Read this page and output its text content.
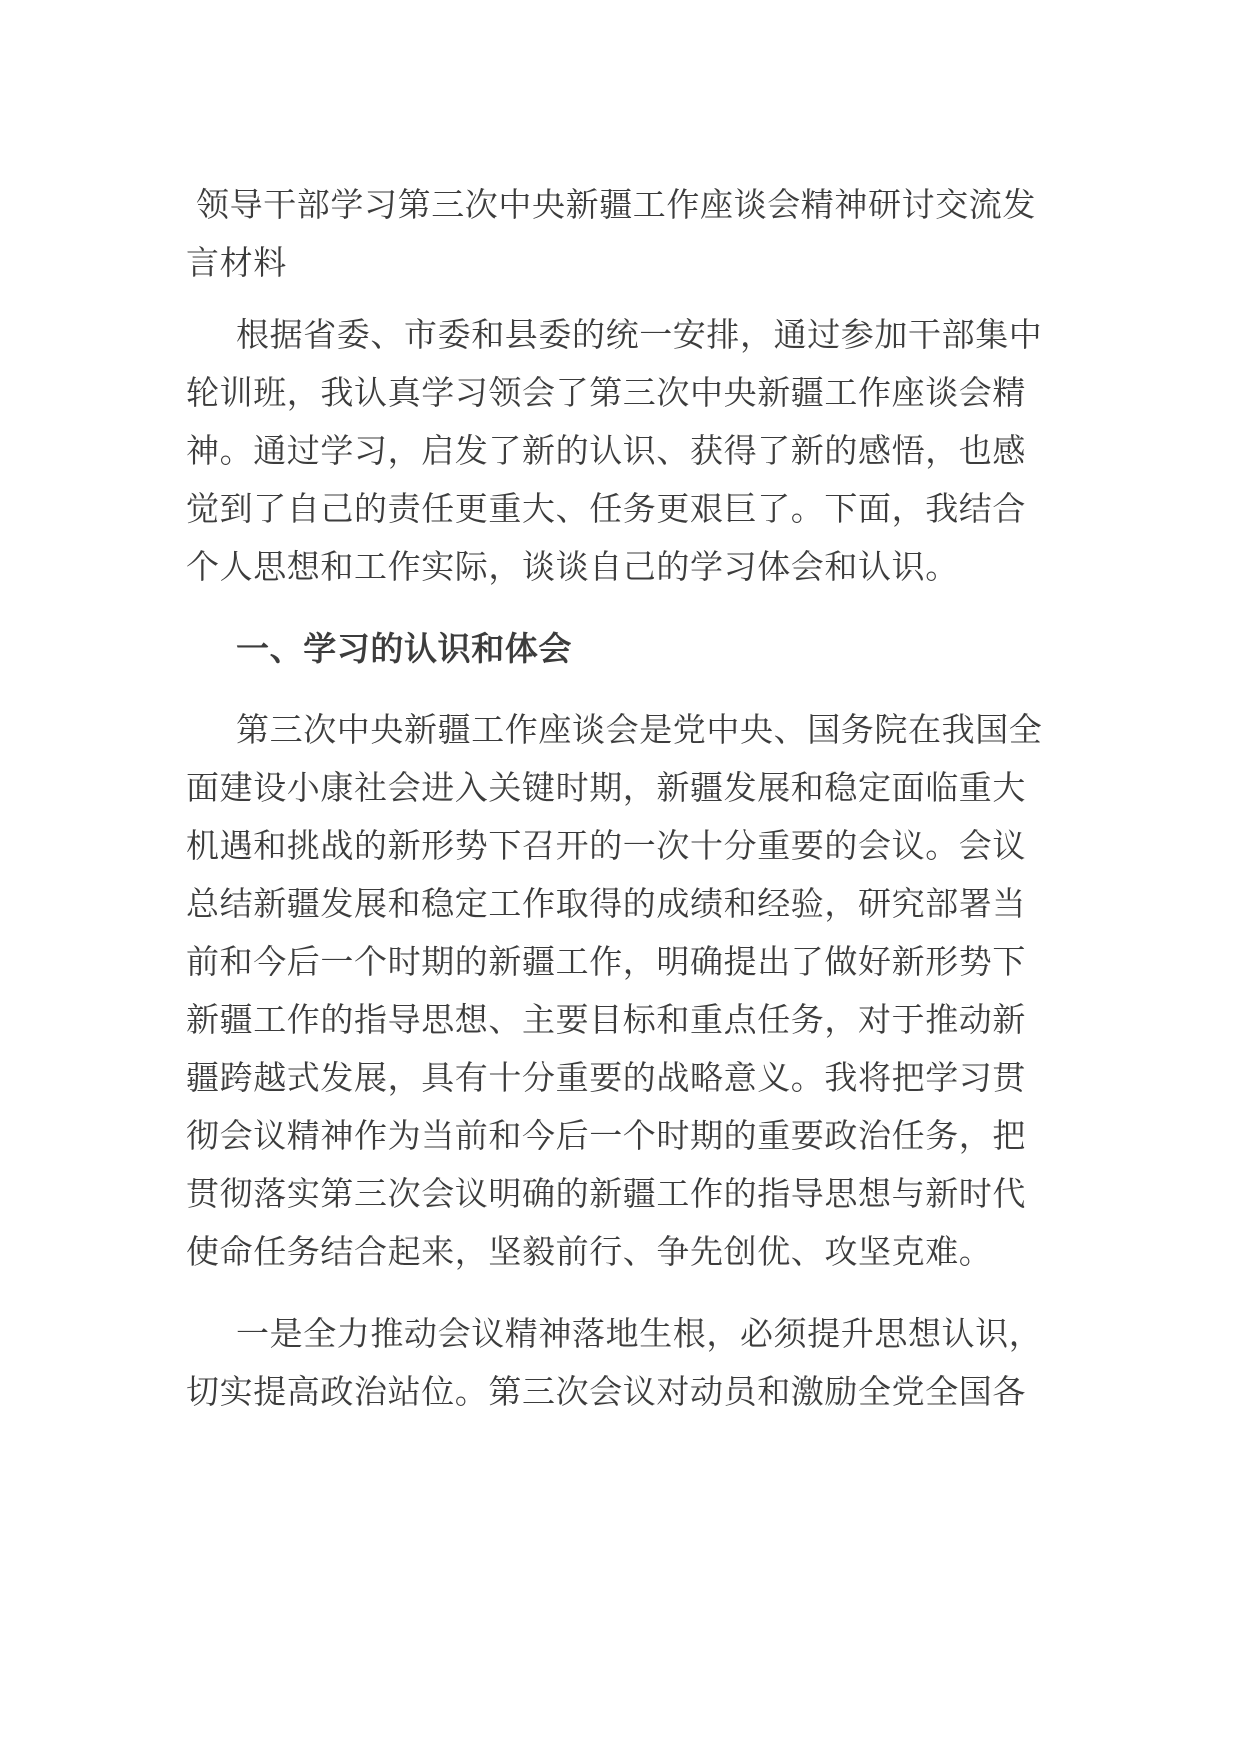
领导干部学习第三次中央新疆工作座谈会精神研讨交流发
言材料
根据省委、市委和县委的统一安排，通过参加干部集中
轮训班，我认真学习领会了第三次中央新疆工作座谈会精
神。通过学习，启发了新的认识、获得了新的感悟，也感
觉到了自己的责任更重大、任务更艰巨了。下面，我结合
个人思想和工作实际，谈谈自己的学习体会和认识。
一、学习的认识和体会
第三次中央新疆工作座谈会是党中央、国务院在我国全
面建设小康社会进入关键时期，新疆发展和稳定面临重大
机遇和挑战的新形势下召开的一次十分重要的会议。会议
总结新疆发展和稳定工作取得的成绩和经验，研究部署当
前和今后一个时期的新疆工作，明确提出了做好新形势下
新疆工作的指导思想、主要目标和重点任务，对于推动新
疆跨越式发展，具有十分重要的战略意义。我将把学习贯
彻会议精神作为当前和今后一个时期的重要政治任务，把
贯彻落实第三次会议明确的新疆工作的指导思想与新时代
使命任务结合起来，坚毅前行、争先创优、攻坚克难。
一是全力推动会议精神落地生根，必须提升思想认识，
切实提高政治站位。第三次会议对动员和激励全党全国各
